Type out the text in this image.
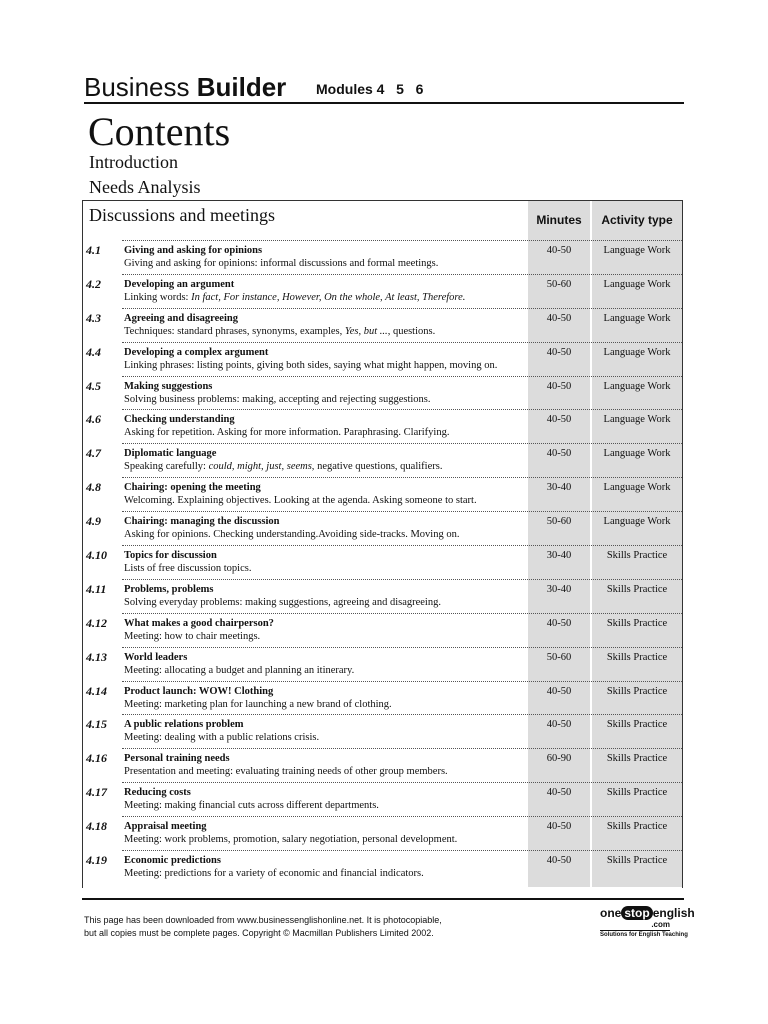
Business Builder Modules 4   5   6
Contents
Introduction
Needs Analysis
Discussions and meetings	Minutes	Activity type
4.1 Giving and asking for opinions
Giving and asking for opinions: informal discussions and formal meetings.
40-50	Language Work
4.2 Developing an argument
Linking words: In fact, For instance, However, On the whole, At least, Therefore.
50-60	Language Work
4.3 Agreeing and disagreeing
Techniques: standard phrases, synonyms, examples, Yes, but ..., questions.
40-50	Language Work
4.4 Developing a complex argument
Linking phrases: listing points, giving both sides, saying what might happen, moving on.
40-50	Language Work
4.5 Making suggestions
Solving business problems: making, accepting and rejecting suggestions.
40-50	Language Work
4.6 Checking understanding
Asking for repetition. Asking for more information. Paraphrasing. Clarifying.
40-50	Language Work
4.7 Diplomatic language
Speaking carefully: could, might, just, seems, negative questions, qualifiers.
40-50	Language Work
4.8 Chairing: opening the meeting
Welcoming. Explaining objectives. Looking at the agenda. Asking someone to start.
30-40	Language Work
4.9 Chairing: managing the discussion
Asking for opinions. Checking understanding.Avoiding side-tracks. Moving on.
50-60	Language Work
4.10 Topics for discussion
Lists of free discussion topics.
30-40	Skills Practice
4.11 Problems, problems
Solving everyday problems: making suggestions, agreeing and disagreeing.
30-40	Skills Practice
4.12 What makes a good chairperson?
Meeting: how to chair meetings.
40-50	Skills Practice
4.13 World leaders
Meeting: allocating a budget and planning an itinerary.
50-60	Skills Practice
4.14 Product launch: WOW! Clothing
Meeting: marketing plan for launching a new brand of clothing.
40-50	Skills Practice
4.15 A public relations problem
Meeting: dealing with a public relations crisis.
40-50	Skills Practice
4.16 Personal training needs
Presentation and meeting: evaluating training needs of other group members.
60-90	Skills Practice
4.17 Reducing costs
Meeting: making financial cuts across different departments.
40-50	Skills Practice
4.18 Appraisal meeting
Meeting: work problems, promotion, salary negotiation, personal development.
40-50	Skills Practice
4.19 Economic predictions
Meeting: predictions for a variety of economic and financial indicators.
40-50	Skills Practice
This page has been downloaded from www.businessenglishonline.net. It is photocopiable,
but all copies must be complete pages. Copyright © Macmillan Publishers Limited 2002.
one stop english
.com
Solutions for English Teaching
